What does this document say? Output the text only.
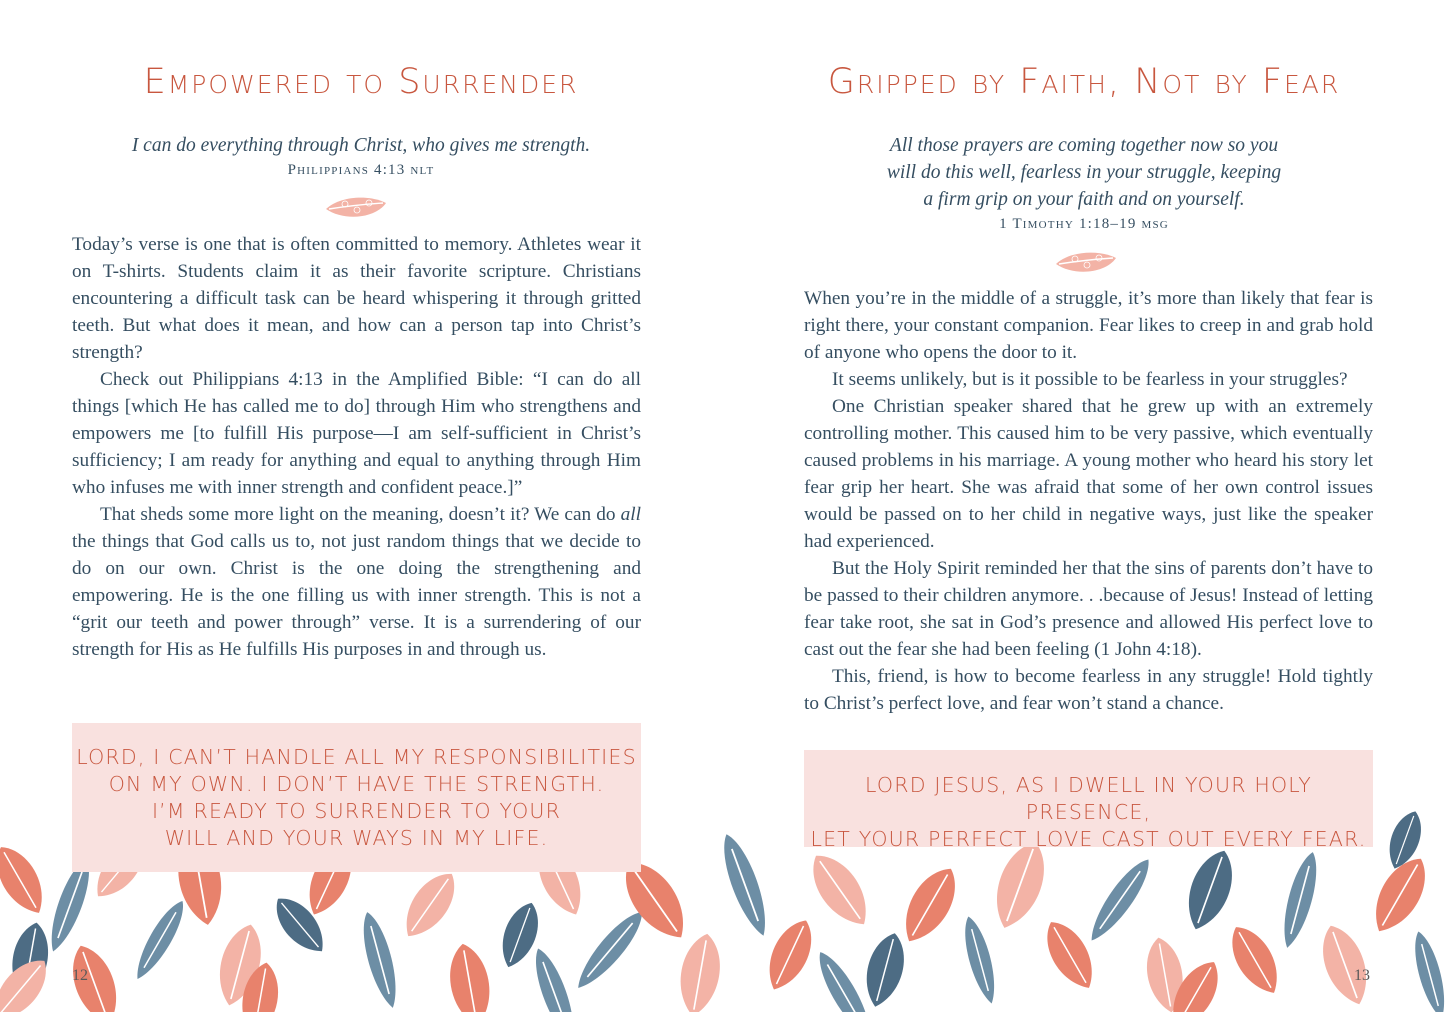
Empowered to Surrender
I can do everything through Christ, who gives me strength.
Philippians 4:13 nlt

Today’s verse is one that is often committed to memory. Athletes wear it on T-shirts. Students claim it as their favorite scripture. Christians encountering a difficult task can be heard whispering it through gritted teeth. But what does it mean, and how can a person tap into Christ’s strength?

Check out Philippians 4:13 in the Amplified Bible: “I can do all things [which He has called me to do] through Him who strengthens and empowers me [to fulfill His purpose—I am self-sufficient in Christ’s sufficiency; I am ready for anything and equal to anything through Him who infuses me with inner strength and confident peace.]”

That sheds some more light on the meaning, doesn’t it? We can do all the things that God calls us to, not just random things that we decide to do on our own. Christ is the one doing the strengthening and empowering. He is the one filling us with inner strength. This is not a “grit our teeth and power through” verse. It is a surrendering of our strength for His as He fulfills His purposes in and through us.

LORD, I CAN’T HANDLE ALL MY RESPONSIBILITIES
ON MY OWN. I DON’T HAVE THE STRENGTH.
I’M READY TO SURRENDER TO YOUR
WILL AND YOUR WAYS IN MY LIFE.
12
Gripped by Faith, Not by Fear
All those prayers are coming together now so you
will do this well, fearless in your struggle, keeping
a firm grip on your faith and on yourself.
1 Timothy 1:18–19 msg

When you’re in the middle of a struggle, it’s more than likely that fear is right there, your constant companion. Fear likes to creep in and grab hold of anyone who opens the door to it.

It seems unlikely, but is it possible to be fearless in your struggles?

One Christian speaker shared that he grew up with an extremely controlling mother. This caused him to be very passive, which eventually caused problems in his marriage. A young mother who heard his story let fear grip her heart. She was afraid that some of her own control issues would be passed on to her child in negative ways, just like the speaker had experienced.

But the Holy Spirit reminded her that the sins of parents don’t have to be passed to their children anymore. . .because of Jesus! Instead of letting fear take root, she sat in God’s presence and allowed His perfect love to cast out the fear she had been feeling (1 John 4:18).

This, friend, is how to become fearless in any struggle! Hold tightly to Christ’s perfect love, and fear won’t stand a chance.

LORD JESUS, AS I DWELL IN YOUR HOLY PRESENCE,
LET YOUR PERFECT LOVE CAST OUT EVERY FEAR.
13
